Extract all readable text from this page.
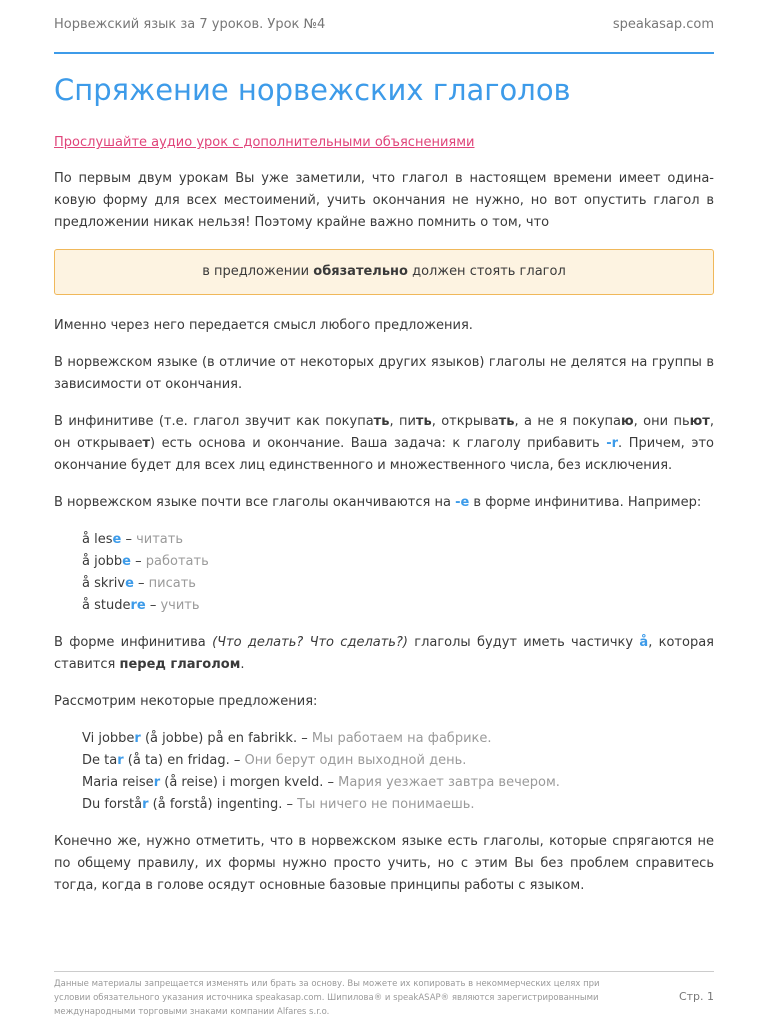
Норвежский язык за 7 уроков. Урок №4	speakasap.com
Спряжение норвежских глаголов
Прослушайте аудио урок с дополнительными объяснениями

По первым двум урокам Вы уже заметили, что глагол в настоящем времени имеет одинаковую форму для всех местоимений, учить окончания не нужно, но вот опустить глагол в предложении никак нельзя! Поэтому крайне важно помнить о том, что

в предложении обязательно должен стоять глагол

Именно через него передается смысл любого предложения.

В норвежском языке (в отличие от некоторых других языков) глаголы не делятся на группы в зависимости от окончания.

В инфинитиве (т.е. глагол звучит как покупать, пить, открывать, а не я покупаю, они пьют, он открывает) есть основа и окончание. Ваша задача: к глаголу прибавить -r. Причем, это окончание будет для всех лиц единственного и множественного числа, без исключения.

В норвежском языке почти все глаголы оканчиваются на -e в форме инфинитива. Например:

å lese – читать
å jobbe – работать
å skrive – писать
å studere – учить

В форме инфинитива (Что делать? Что сделать?) глаголы будут иметь частичку å, которая ставится перед глаголом.

Рассмотрим некоторые предложения:

Vi jobber (å jobbe) på en fabrikk. – Мы работаем на фабрике.
De tar (å ta) en fridag. – Они берут один выходной день.
Maria reiser (å reise) i morgen kveld. – Мария уезжает завтра вечером.
Du forstår (å forstå) ingenting. – Ты ничего не понимаешь.

Конечно же, нужно отметить, что в норвежском языке есть глаголы, которые спрягаются не по общему правилу, их формы нужно просто учить, но с этим Вы без проблем справитесь тогда, когда в голове осядут основные базовые принципы работы с языком.

Данные материалы запрещается изменять или брать за основу. Вы можете их копировать в некоммерческих целях при условии обязательного указания источника speakasap.com. Шипилова® и speakASAP® являются зарегистрированными международными торговыми знаками компании Alfares s.r.o.
Стр. 1
